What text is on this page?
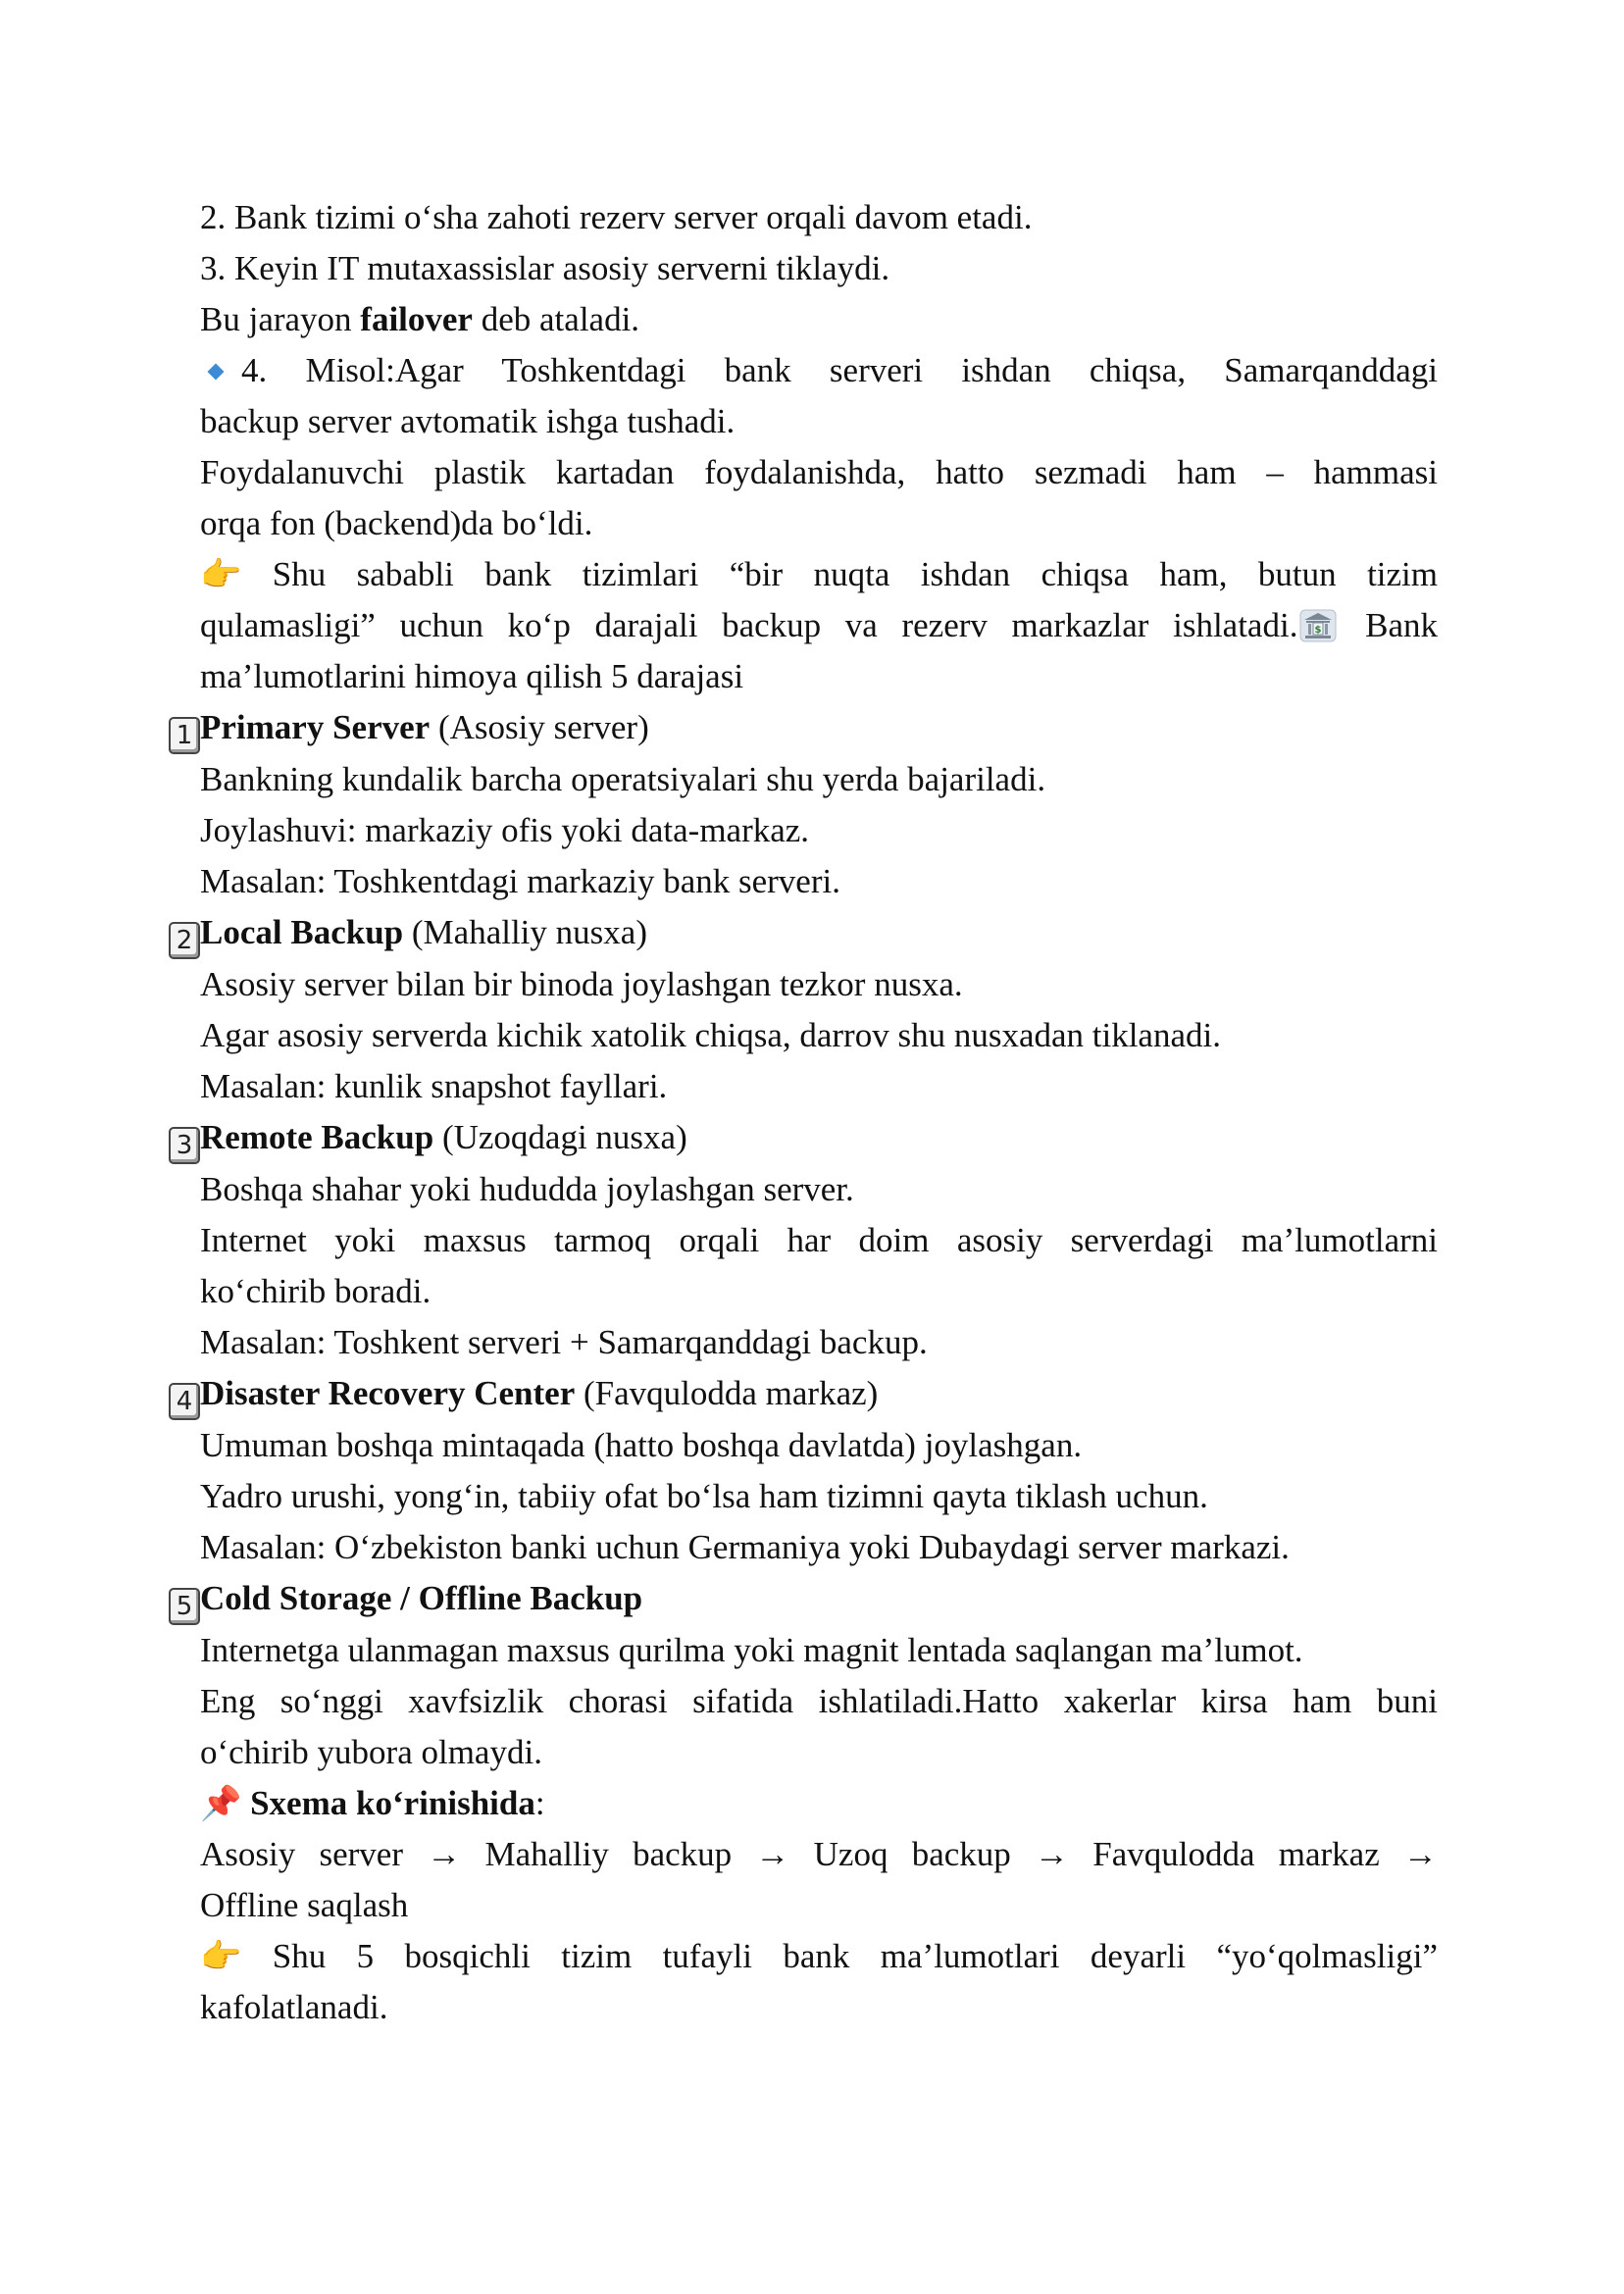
2. Bank tizimi o‘sha zahoti rezerv server orqali davom etadi.
3. Keyin IT mutaxassislar asosiy serverni tiklaydi.
Bu jarayon failover deb ataladi.
4. Misol:Agar Toshkentdagi bank serveri ishdan chiqsa, Samarqanddagi
backup server avtomatik ishga tushadi.
Foydalanuvchi plastik kartadan foydalanishda, hatto sezmadi ham – hammasi
orqa fon (backend)da bo‘ldi.
👉 Shu sababli bank tizimlari “bir nuqta ishdan chiqsa ham, butun tizim
qulamasligi” uchun ko‘p darajali backup va rezerv markazlar ishlatadi. $ Bank
ma’lumotlarini himoya qilish 5 darajasi
1 Primary Server (Asosiy server)
Bankning kundalik barcha operatsiyalari shu yerda bajariladi.
Joylashuvi: markaziy ofis yoki data-markaz.
Masalan: Toshkentdagi markaziy bank serveri.
2 Local Backup (Mahalliy nusxa)
Asosiy server bilan bir binoda joylashgan tezkor nusxa.
Agar asosiy serverda kichik xatolik chiqsa, darrov shu nusxadan tiklanadi.
Masalan: kunlik snapshot fayllari.
3 Remote Backup (Uzoqdagi nusxa)
Boshqa shahar yoki hududda joylashgan server.
Internet yoki maxsus tarmoq orqali har doim asosiy serverdagi ma’lumotlarni
ko‘chirib boradi.
Masalan: Toshkent serveri + Samarqanddagi backup.
4 Disaster Recovery Center (Favqulodda markaz)
Umuman boshqa mintaqada (hatto boshqa davlatda) joylashgan.
Yadro urushi, yong‘in, tabiiy ofat bo‘lsa ham tizimni qayta tiklash uchun.
Masalan: O‘zbekiston banki uchun Germaniya yoki Dubaydagi server markazi.
5 Cold Storage / Offline Backup
Internetga ulanmagan maxsus qurilma yoki magnit lentada saqlangan ma’lumot.
Eng so‘nggi xavfsizlik chorasi sifatida ishlatiladi.Hatto xakerlar kirsa ham buni
o‘chirib yubora olmaydi.
📌 Sxema ko‘rinishida:
Asosiy server → Mahalliy backup → Uzoq backup → Favqulodda markaz →
Offline saqlash
👉 Shu 5 bosqichli tizim tufayli bank ma’lumotlari deyarli “yo‘qolmasligi”
kafolatlanadi.
